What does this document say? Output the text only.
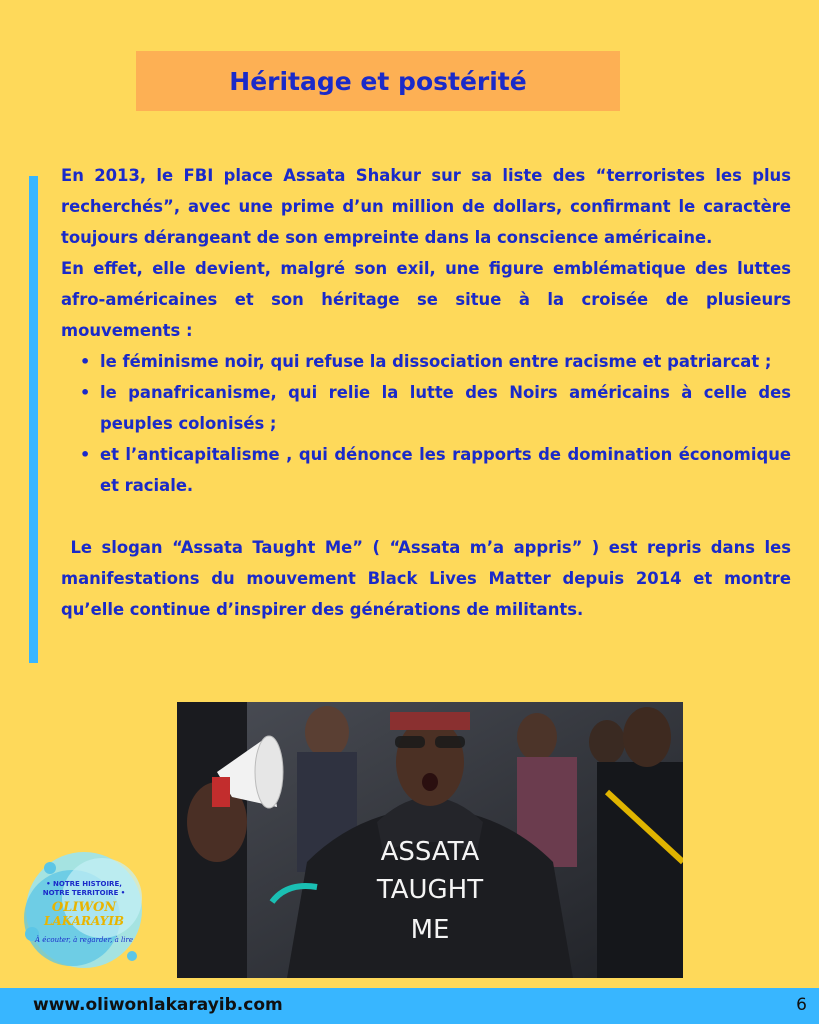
Héritage et postérité

En 2013, le FBI place Assata Shakur sur sa liste des “terroristes les plus recherchés”, avec une prime d’un million de dollars, confirmant le caractère toujours dérangeant de son empreinte dans la conscience américaine.

En effet, elle devient, malgré son exil, une figure emblématique des luttes afro-américaines et son héritage se situe à la croisée de plusieurs mouvements :

• le féminisme noir, qui refuse la dissociation entre racisme et patriarcat ;
• le panafricanisme, qui relie la lutte des Noirs américains à celle des peuples colonisés ;
• et l’anticapitalisme , qui dénonce les rapports de domination économique et raciale.

Le slogan “Assata Taught Me” ( “Assata m’a appris” ) est repris dans les manifestations du mouvement Black Lives Matter depuis 2014 et montre qu’elle continue d’inspirer des générations de militants.

ASSATA
TAUGHT
ME
• NOTRE HISTOIRE,
NOTRE TERRITOIRE •
OLIWON
LAKARAYIB
À écouter, à regarder, à lire
www.oliwonlakarayib.com	6
